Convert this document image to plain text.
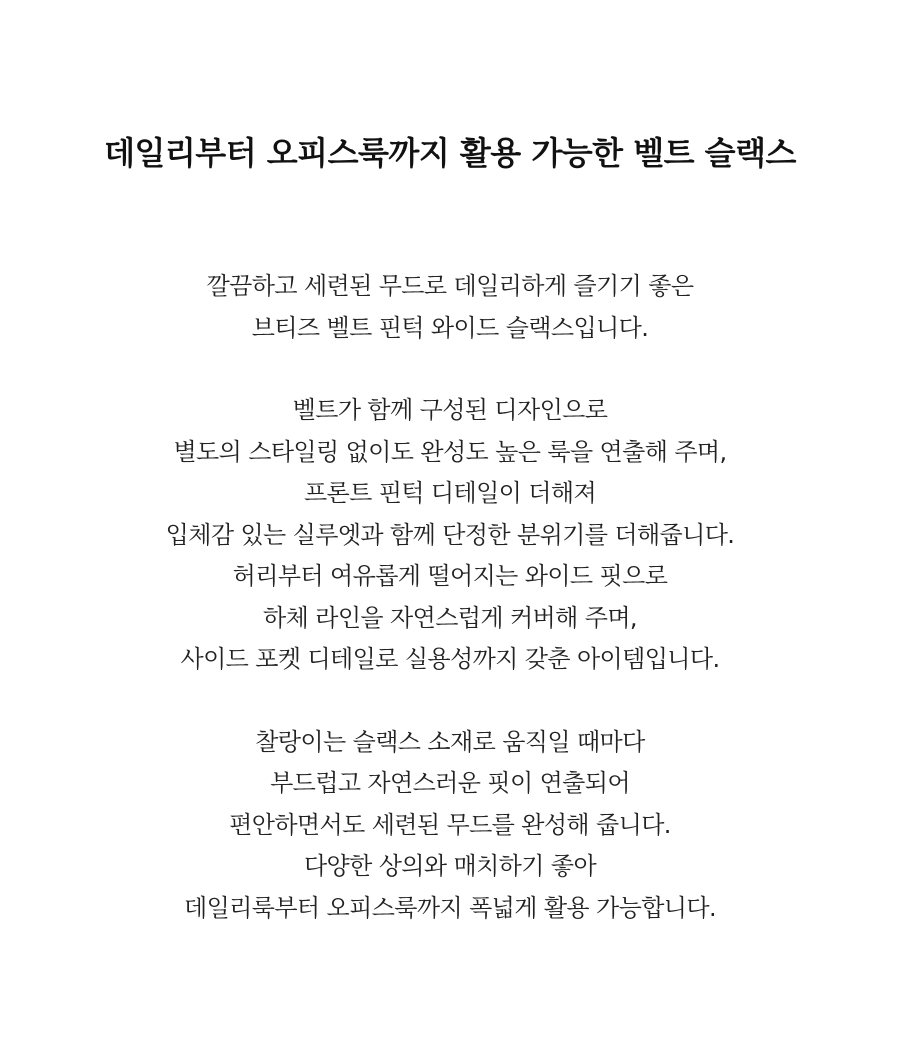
데일리부터 오피스룩까지 활용 가능한 벨트 슬랙스

깔끔하고 세련된 무드로 데일리하게 즐기기 좋은
브티즈 벨트 핀턱 와이드 슬랙스입니다.

벨트가 함께 구성된 디자인으로
별도의 스타일링 없이도 완성도 높은 룩을 연출해 주며,
프론트 핀턱 디테일이 더해져
입체감 있는 실루엣과 함께 단정한 분위기를 더해줍니다.
허리부터 여유롭게 떨어지는 와이드 핏으로
하체 라인을 자연스럽게 커버해 주며,
사이드 포켓 디테일로 실용성까지 갖춘 아이템입니다.

찰랑이는 슬랙스 소재로 움직일 때마다
부드럽고 자연스러운 핏이 연출되어
편안하면서도 세련된 무드를 완성해 줍니다.
다양한 상의와 매치하기 좋아
데일리룩부터 오피스룩까지 폭넓게 활용 가능합니다.
